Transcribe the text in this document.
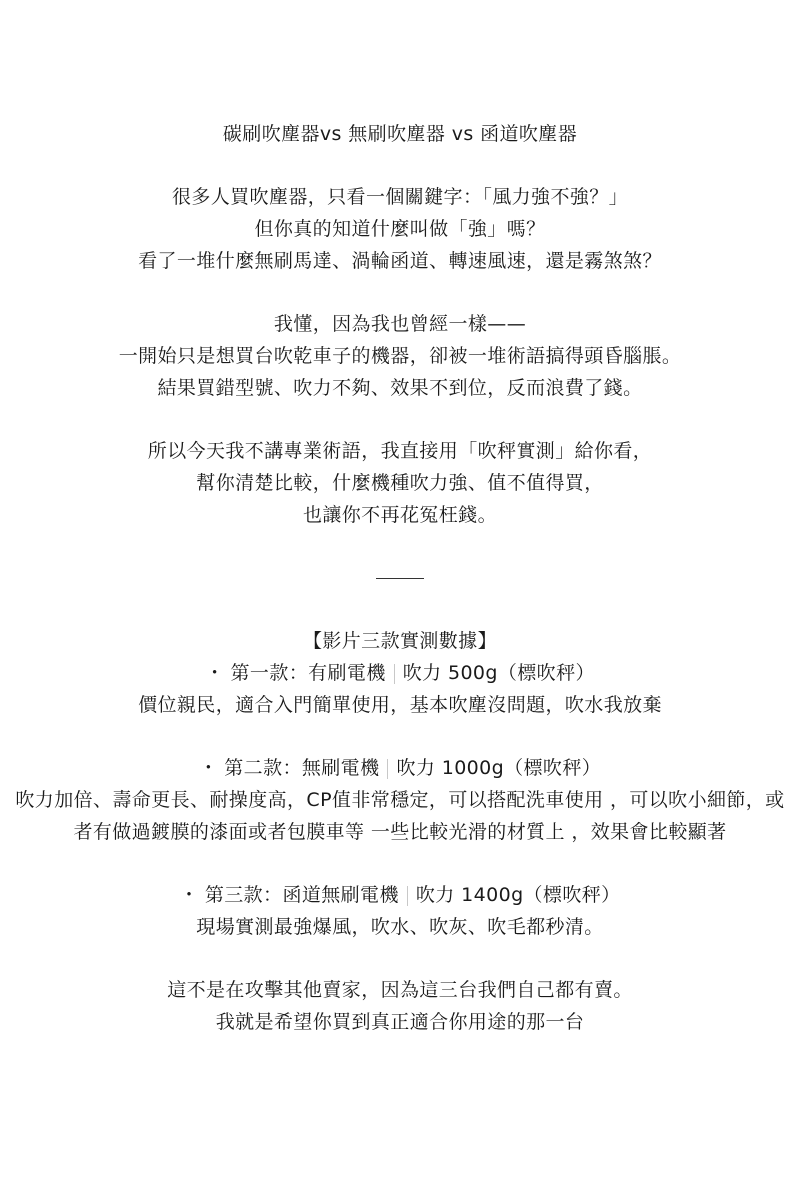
碳刷吹塵器vs 無刷吹塵器 vs 函道吹塵器
很多人買吹塵器，只看一個關鍵字：「風力強不強？」
但你真的知道什麼叫做「強」嗎？
看了一堆什麼無刷馬達、渦輪函道、轉速風速，還是霧煞煞？
我懂，因為我也曾經一樣——
一開始只是想買台吹乾車子的機器，卻被一堆術語搞得頭昏腦脹。
結果買錯型號、吹力不夠、效果不到位，反而浪費了錢。
所以今天我不講專業術語，我直接用「吹秤實測」給你看，
幫你清楚比較，什麼機種吹力強、值不值得買，
也讓你不再花冤枉錢。
【影片三款實測數據】
・ 第一款：有刷電機 吹力 500g（標吹秤）
價位親民，適合入門簡單使用，基本吹塵沒問題，吹水我放棄
・ 第二款：無刷電機 吹力 1000g（標吹秤）
吹力加倍、壽命更長、耐操度高，CP值非常穩定，可以搭配洗車使用 ，可以吹小細節，或者有做過鍍膜的漆面或者包膜車等 一些比較光滑的材質上 ，效果會比較顯著
・ 第三款：函道無刷電機 吹力 1400g（標吹秤）
現場實測最強爆風，吹水、吹灰、吹毛都秒清。
這不是在攻擊其他賣家，因為這三台我們自己都有賣。
我就是希望你買到真正適合你用途的那一台
